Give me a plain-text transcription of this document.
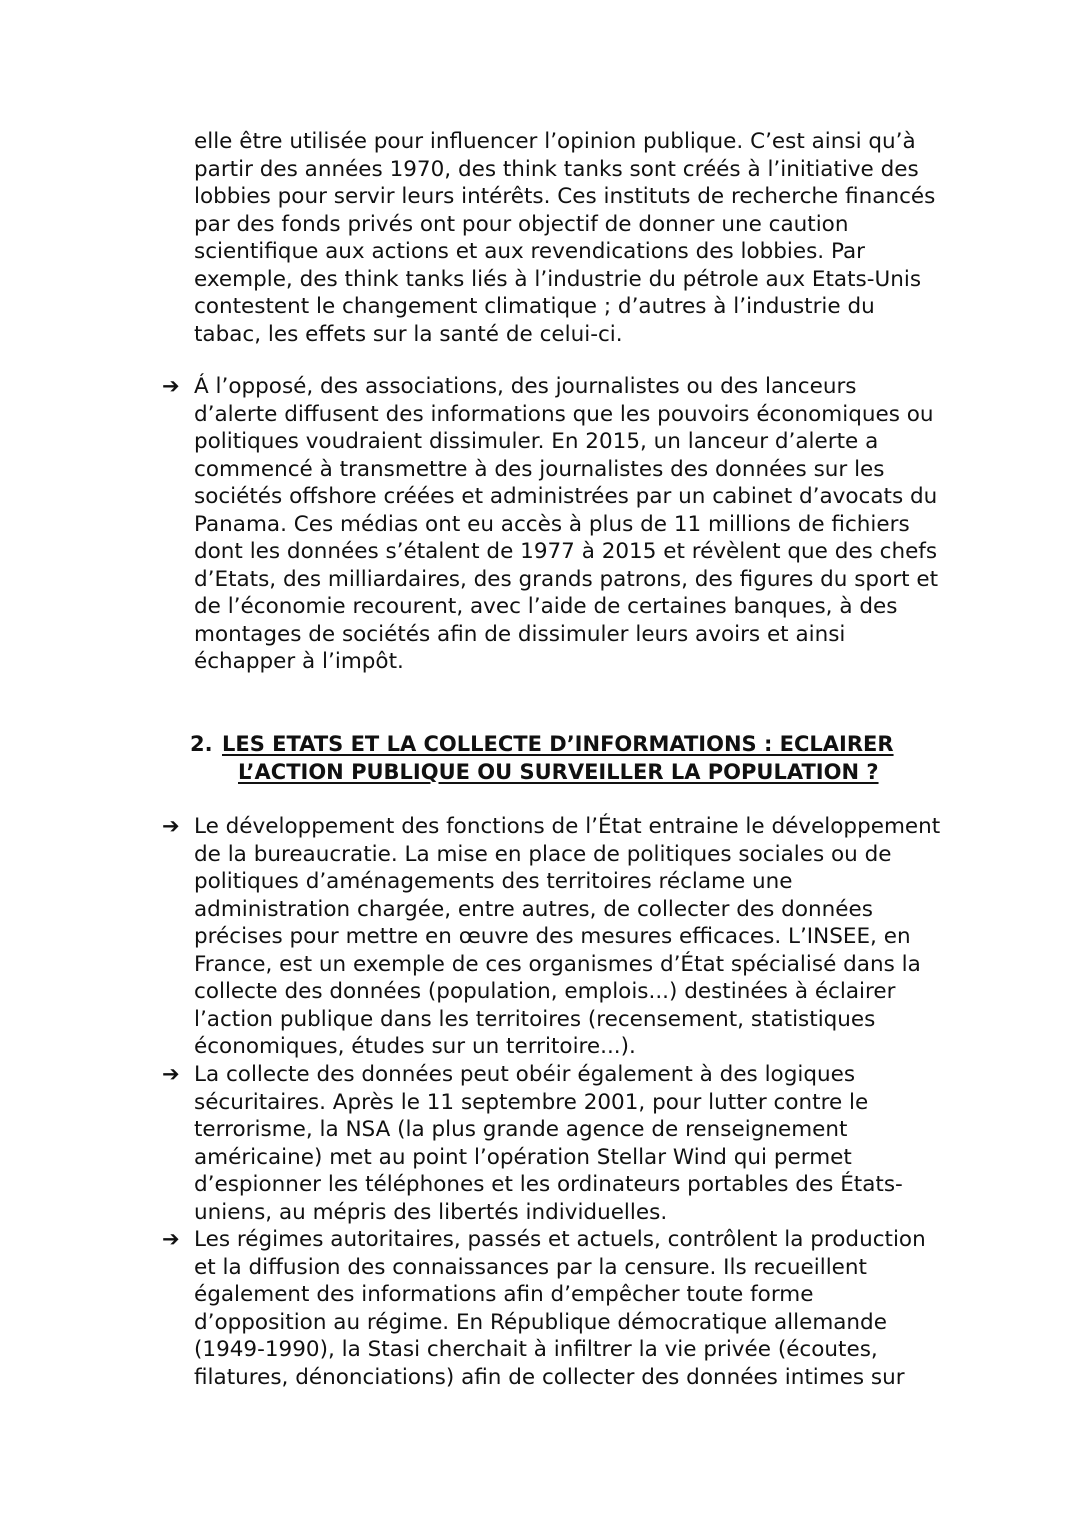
elle être utilisée pour influencer l’opinion publique. C’est ainsi qu’à
partir des années 1970, des think tanks sont créés à l’initiative des
lobbies pour servir leurs intérêts. Ces instituts de recherche financés
par des fonds privés ont pour objectif de donner une caution
scientifique aux actions et aux revendications des lobbies. Par
exemple, des think tanks liés à l’industrie du pétrole aux Etats-Unis
contestent le changement climatique ; d’autres à l’industrie du
tabac, les effets sur la santé de celui-ci.

➔ Á l’opposé, des associations, des journalistes ou des lanceurs
d’alerte diffusent des informations que les pouvoirs économiques ou
politiques voudraient dissimuler. En 2015, un lanceur d’alerte a
commencé à transmettre à des journalistes des données sur les
sociétés offshore créées et administrées par un cabinet d’avocats du
Panama. Ces médias ont eu accès à plus de 11 millions de fichiers
dont les données s’étalent de 1977 à 2015 et révèlent que des chefs
d’Etats, des milliardaires, des grands patrons, des figures du sport et
de l’économie recourent, avec l’aide de certaines banques, à des
montages de sociétés afin de dissimuler leurs avoirs et ainsi
échapper à l’impôt.

2. LES ETATS ET LA COLLECTE D’INFORMATIONS : ECLAIRER
L’ACTION PUBLIQUE OU SURVEILLER LA POPULATION ?
➔ Le développement des fonctions de l’État entraine le développement
de la bureaucratie. La mise en place de politiques sociales ou de
politiques d’aménagements des territoires réclame une
administration chargée, entre autres, de collecter des données
précises pour mettre en œuvre des mesures efficaces. L’INSEE, en
France, est un exemple de ces organismes d’État spécialisé dans la
collecte des données (population, emplois...) destinées à éclairer
l’action publique dans les territoires (recensement, statistiques
économiques, études sur un territoire...).

➔ La collecte des données peut obéir également à des logiques
sécuritaires. Après le 11 septembre 2001, pour lutter contre le
terrorisme, la NSA (la plus grande agence de renseignement
américaine) met au point l’opération Stellar Wind qui permet
d’espionner les téléphones et les ordinateurs portables des États-
uniens, au mépris des libertés individuelles.

➔ Les régimes autoritaires, passés et actuels, contrôlent la production
et la diffusion des connaissances par la censure. Ils recueillent
également des informations afin d’empêcher toute forme
d’opposition au régime. En République démocratique allemande
(1949-1990), la Stasi cherchait à infiltrer la vie privée (écoutes,
filatures, dénonciations) afin de collecter des données intimes sur
